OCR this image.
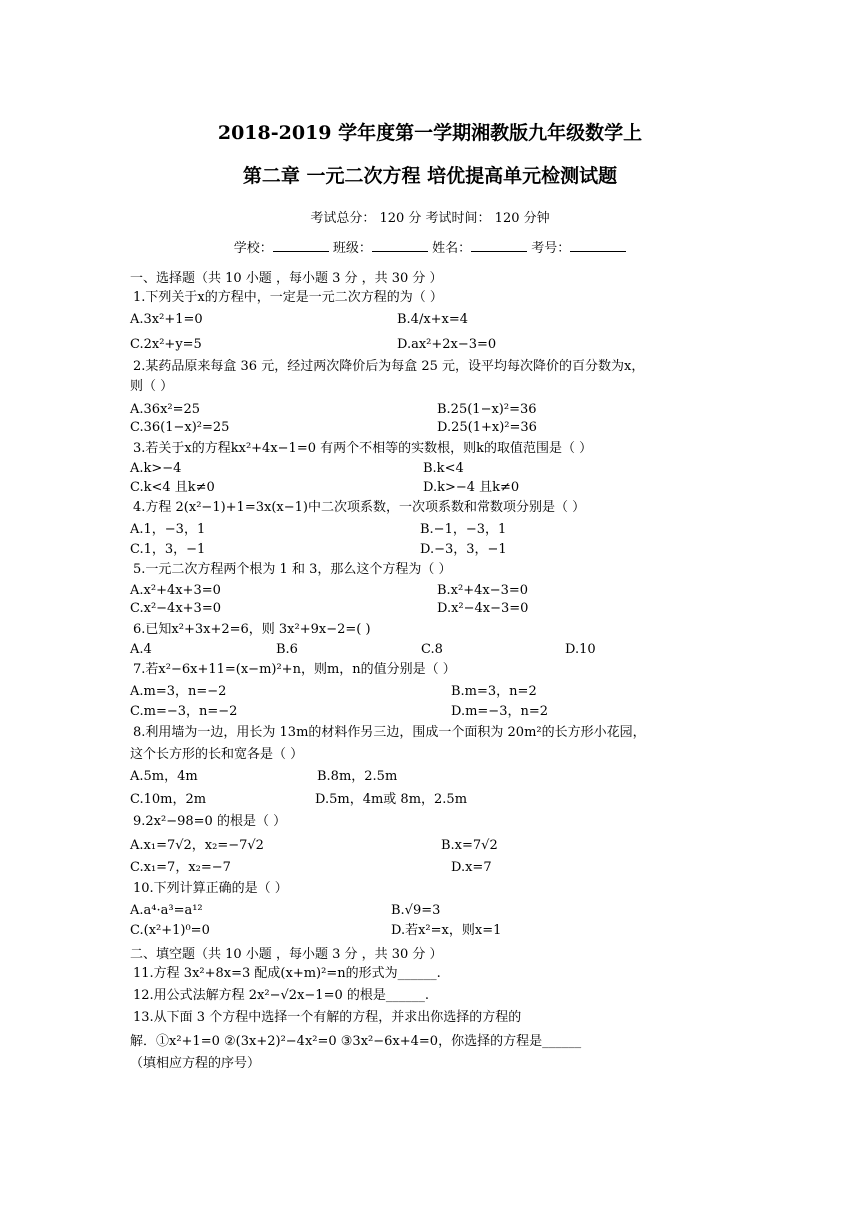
2018-2019 学年度第一学期湘教版九年级数学上
第二章 一元二次方程 培优提高单元检测试题
考试总分： 120 分 考试时间： 120 分钟
学校：	班级：	姓名：	考号：
一、选择题（共 10 小题 ，每小题 3 分 ，共 30 分 ）
1.下列关于x的方程中，一定是一元二次方程的为（ ）
A.3x²+1=0	B.4/x+x=4
C.2x²+y=5	D.ax²+2x−3=0
2.某药品原来每盒 36 元，经过两次降价后为每盒 25 元，设平均每次降价的百分数为x，
则（ ）
A.36x²=25	B.25(1−x)²=36
C.36(1−x)²=25	D.25(1+x)²=36
3.若关于x的方程kx²+4x−1=0 有两个不相等的实数根，则k的取值范围是（ ）
A.k>−4	B.k<4
C.k<4 且k≠0	D.k>−4 且k≠0
4.方程 2(x²−1)+1=3x(x−1)中二次项系数，一次项系数和常数项分别是（ ）
A.1，−3，1	B.−1，−3，1
C.1，3，−1	D.−3，3，−1
5.一元二次方程两个根为 1 和 3，那么这个方程为（ ）
A.x²+4x+3=0	B.x²+4x−3=0
C.x²−4x+3=0	D.x²−4x−3=0
6.已知x²+3x+2=6，则 3x²+9x−2=( )
A.4	B.6	C.8	D.10
7.若x²−6x+11=(x−m)²+n，则m，n的值分别是（ ）
A.m=3，n=−2	B.m=3，n=2
C.m=−3，n=−2	D.m=−3，n=2
8.利用墙为一边，用长为 13m的材料作另三边，围成一个面积为 20m²的长方形小花园，
这个长方形的长和宽各是（ ）
A.5m，4m	B.8m，2.5m
C.10m，2m	D.5m，4m或 8m，2.5m
9.2x²−98=0 的根是（ ）
A.x₁=7√2，x₂=−7√2	B.x=7√2
C.x₁=7，x₂=−7	D.x=7
10.下列计算正确的是（ ）
A.a⁴·a³=a¹²	B.√9=3
C.(x²+1)⁰=0	D.若x²=x，则x=1
二、填空题（共 10 小题 ，每小题 3 分 ，共 30 分 ）
11.方程 3x²+8x=3 配成(x+m)²=n的形式为______.
12.用公式法解方程 2x²−√2x−1=0 的根是______.
13.从下面 3 个方程中选择一个有解的方程，并求出你选择的方程的
解．①x²+1=0 ②(3x+2)²−4x²=0 ③3x²−6x+4=0，你选择的方程是______
（填相应方程的序号）
